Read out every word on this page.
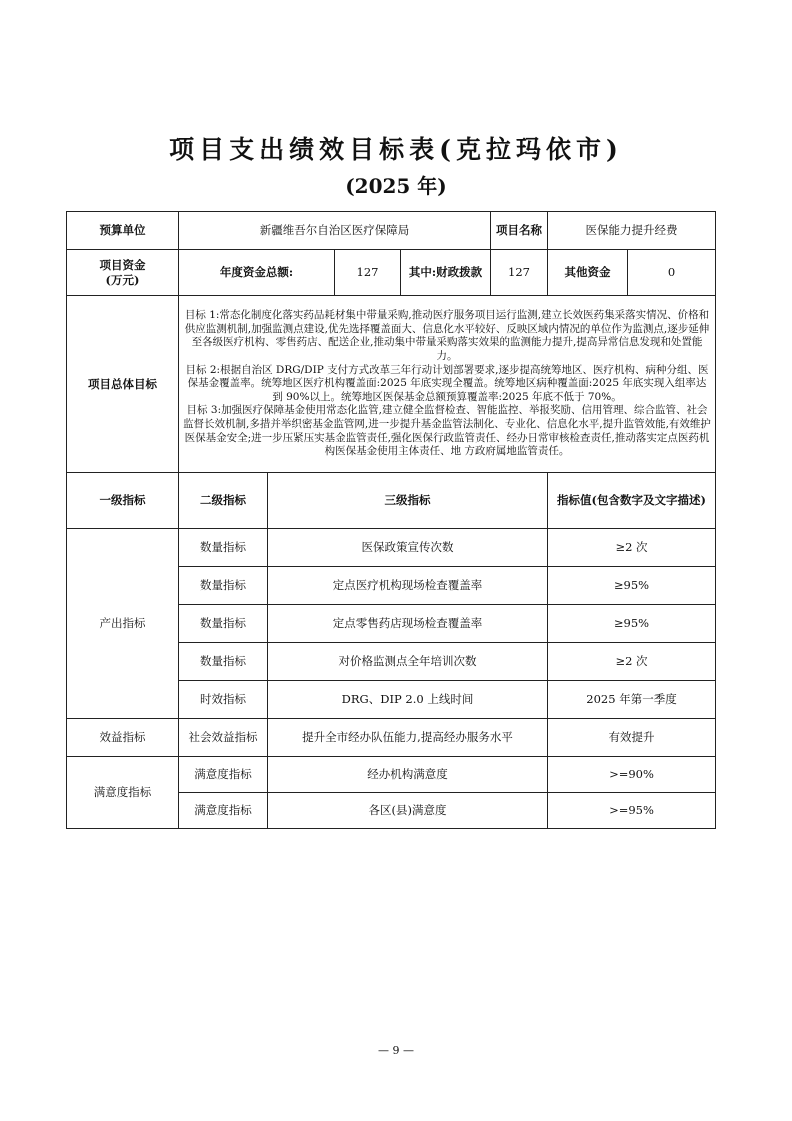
项目支出绩效目标表(克拉玛依市)
(2025 年)
预算单位	新疆维吾尔自治区医疗保障局				项目名称	医保能力提升经费	
项目资金
(万元)	年度资金总额:		127	其中:财政拨款	127	其他资金	0
项目总体目标	目标 1:常态化制度化落实药品耗材集中带量采购,推动医疗服务项目运行监测,建立长效医药集采落实情况、价格和供应监测机制,加强监测点建设,优先选择覆盖面大、信息化水平较好、反映区域内情况的单位作为监测点,逐步延伸至各级医疗机构、零售药店、配送企业,推动集中带量采购落实效果的监测能力提升,提高异常信息发现和处置能力。
目标 2:根据自治区 DRG/DIP 支付方式改革三年行动计划部署要求,逐步提高统筹地区、医疗机构、病种分组、医保基金覆盖率。统筹地区医疗机构覆盖面:2025 年底实现全覆盖。统筹地区病种覆盖面:2025 年底实现入组率达到 90%以上。统筹地区医保基金总额预算覆盖率:2025 年底不低于 70%。
目标 3:加强医疗保障基金使用常态化监管,建立健全监督检查、智能监控、举报奖励、信用管理、综合监管、社会监督长效机制,多措并举织密基金监管网,进一步提升基金监管法制化、专业化、信息化水平,提升监管效能,有效维护医保基金安全;进一步压紧压实基金监管责任,强化医保行政监管责任、经办日常审核检查责任,推动落实定点医药机构医保基金使用主体责任、地 方政府属地监管责任。						

一级指标	二级指标	三级指标				指标值(包含数字及文字描述)	
产出指标	数量指标	医保政策宣传次数				≥2 次	
	数量指标	定点医疗机构现场检查覆盖率				≥95%	
	数量指标	定点零售药店现场检查覆盖率				≥95%	
	数量指标	对价格监测点全年培训次数				≥2 次	
	时效指标	DRG、DIP 2.0 上线时间				2025 年第一季度	
效益指标	社会效益指标	提升全市经办队伍能力,提高经办服务水平				有效提升	
满意度指标	满意度指标	经办机构满意度				>=90%	
	满意度指标	各区(县)满意度				>=95%	
— 9 —
